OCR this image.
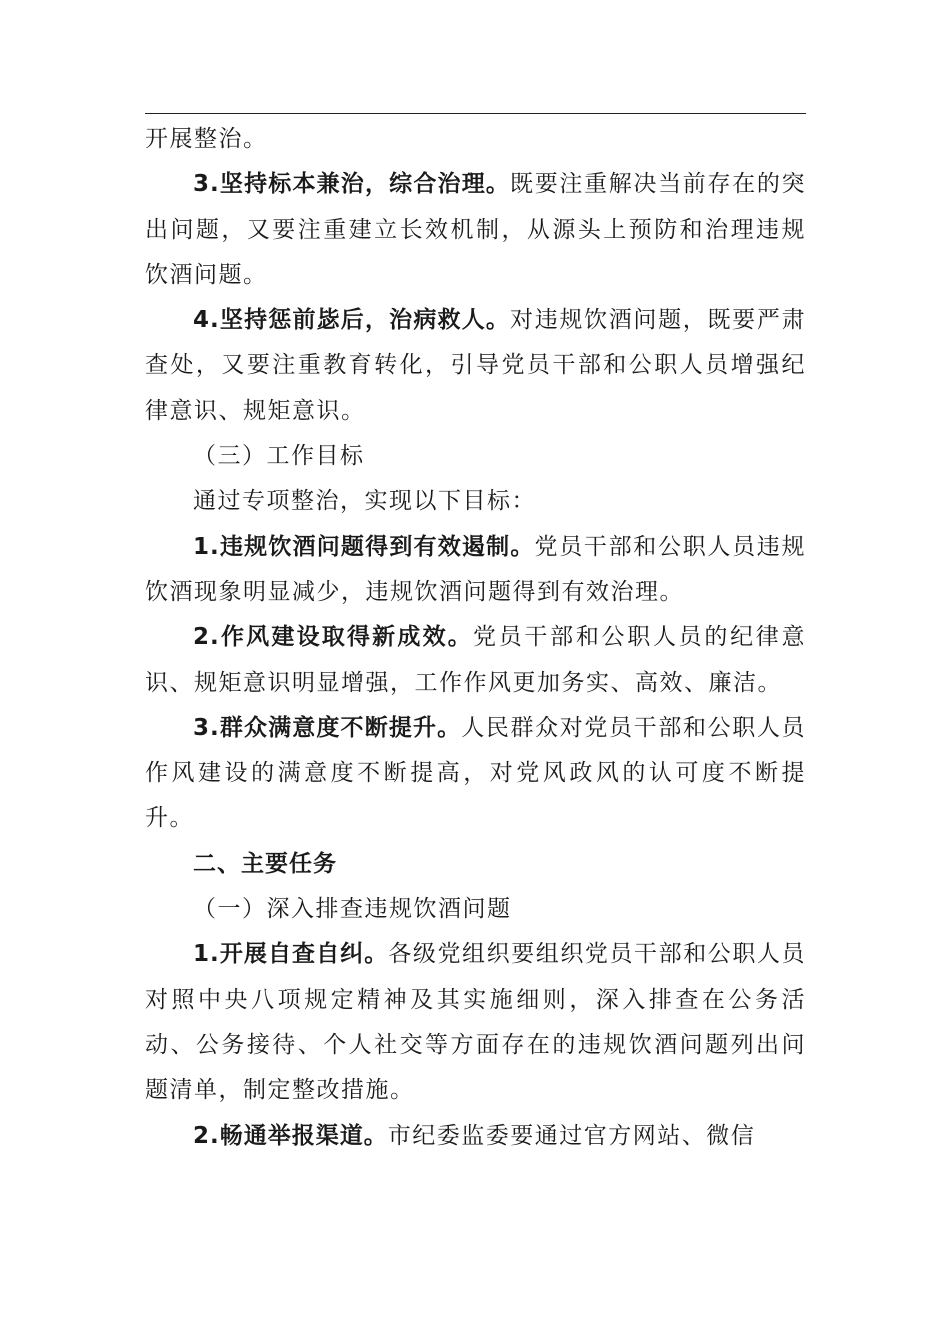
开展整治。

3.坚持标本兼治，综合治理。既要注重解决当前存在的突出问题，又要注重建立长效机制，从源头上预防和治理违规饮酒问题。

4.坚持惩前毖后，治病救人。对违规饮酒问题，既要严肃查处，又要注重教育转化，引导党员干部和公职人员增强纪律意识、规矩意识。

（三）工作目标

通过专项整治，实现以下目标：

1.违规饮酒问题得到有效遏制。党员干部和公职人员违规饮酒现象明显减少，违规饮酒问题得到有效治理。

2.作风建设取得新成效。党员干部和公职人员的纪律意识、规矩意识明显增强，工作作风更加务实、高效、廉洁。

3.群众满意度不断提升。人民群众对党员干部和公职人员作风建设的满意度不断提高，对党风政风的认可度不断提升。

二、主要任务

（一）深入排查违规饮酒问题

1.开展自查自纠。各级党组织要组织党员干部和公职人员对照中央八项规定精神及其实施细则，深入排查在公务活动、公务接待、个人社交等方面存在的违规饮酒问题列出问题清单，制定整改措施。

2.畅通举报渠道。市纪委监委要通过官方网站、微信
